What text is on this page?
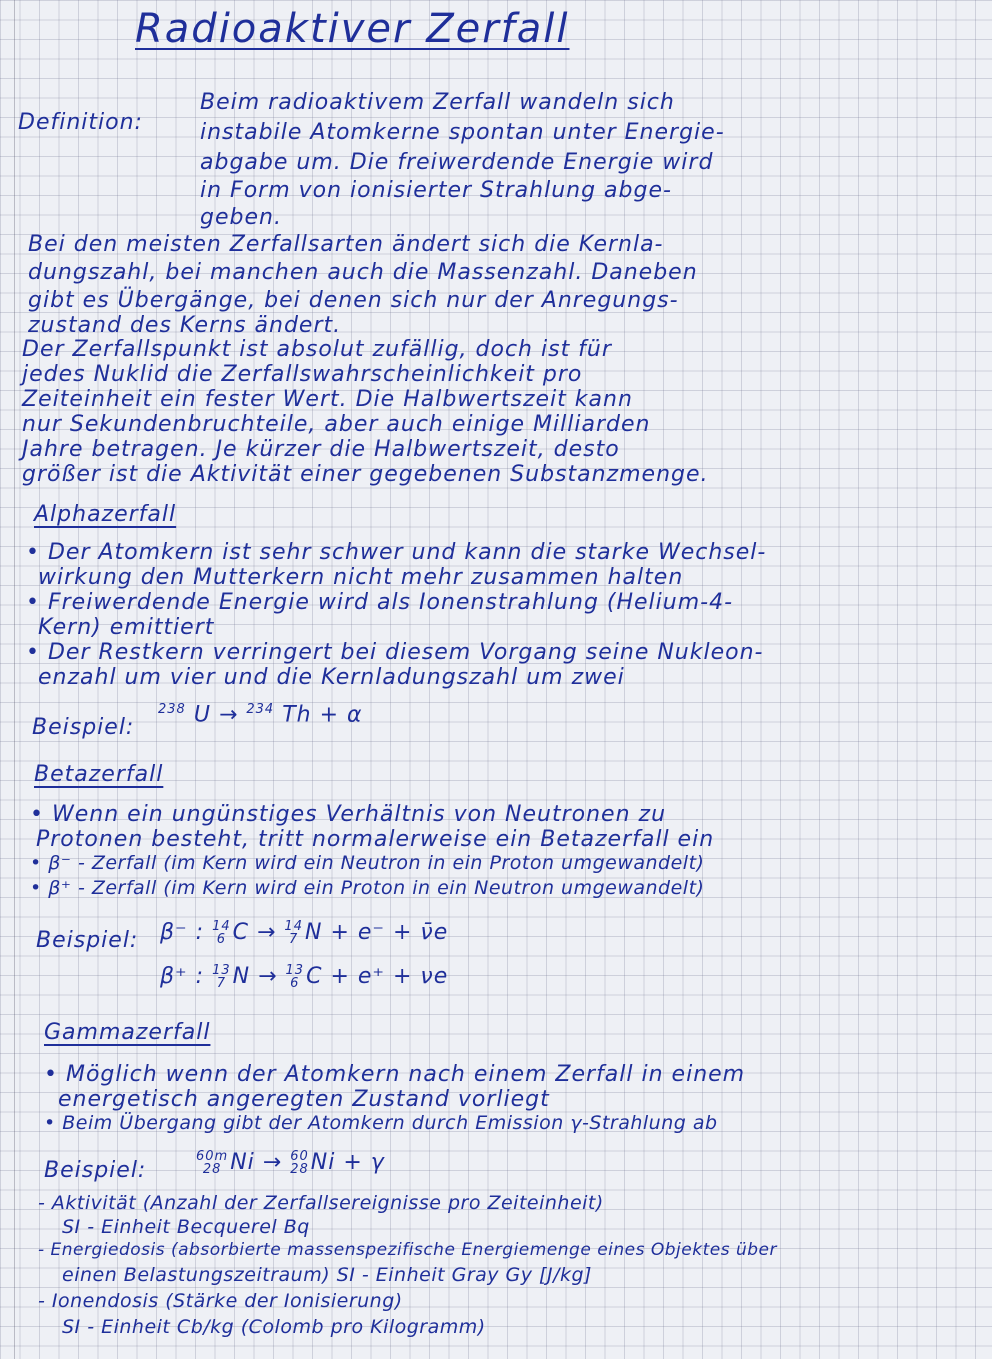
Radioaktiver Zerfall
Definition:
Beim radioaktivem Zerfall wandeln sich
instabile Atomkerne spontan unter Energie-
abgabe um. Die freiwerdende Energie wird
in Form von ionisierter Strahlung abge-
geben.
Bei den meisten Zerfallsarten ändert sich die Kernla-
dungszahl, bei manchen auch die Massenzahl. Daneben
gibt es Übergänge, bei denen sich nur der Anregungs-
zustand des Kerns ändert.
Der Zerfallspunkt ist absolut zufällig, doch ist für
jedes Nuklid die Zerfallswahrscheinlichkeit pro
Zeiteinheit ein fester Wert. Die Halbwertszeit kann
nur Sekundenbruchteile, aber auch einige Milliarden
Jahre betragen. Je kürzer die Halbwertszeit, desto
größer ist die Aktivität einer gegebenen Substanzmenge.
Alphazerfall
• Der Atomkern ist sehr schwer und kann die starke Wechsel-
wirkung den Mutterkern nicht mehr zusammen halten
• Freiwerdende Energie wird als Ionenstrahlung (Helium-4-
Kern) emittiert
• Der Restkern verringert bei diesem Vorgang seine Nukleon-
enzahl um vier und die Kernladungszahl um zwei
Beispiel:
$^{238}$ U → $^{234}$ Th + α
Betazerfall
• Wenn ein ungünstiges Verhältnis von Neutronen zu
Protonen besteht, tritt normalerweise ein Betazerfall ein
• β⁻ - Zerfall (im Kern wird ein Neutron in ein Proton umgewandelt)
• β⁺ - Zerfall (im Kern wird ein Proton in ein Neutron umgewandelt)
Beispiel: β⁻ : 14
6 C → 14
7 N + e⁻ + ν̄e
β⁺ : 13
7 N → 13
6 C + e⁺ + νe
Gammazerfall
• Möglich wenn der Atomkern nach einem Zerfall in einem
energetisch angeregten Zustand vorliegt
• Beim Übergang gibt der Atomkern durch Emission γ-Strahlung ab
Beispiel:
60m
28 Ni → 60
28 Ni + γ
- Aktivität (Anzahl der Zerfallsereignisse pro Zeiteinheit)
SI - Einheit Becquerel Bq
- Energiedosis (absorbierte massenspezifische Energiemenge eines Objektes über
einen Belastungszeitraum) SI - Einheit Gray Gy [J/kg]
- Ionendosis (Stärke der Ionisierung)
SI - Einheit Cb/kg (Colomb pro Kilogramm)
